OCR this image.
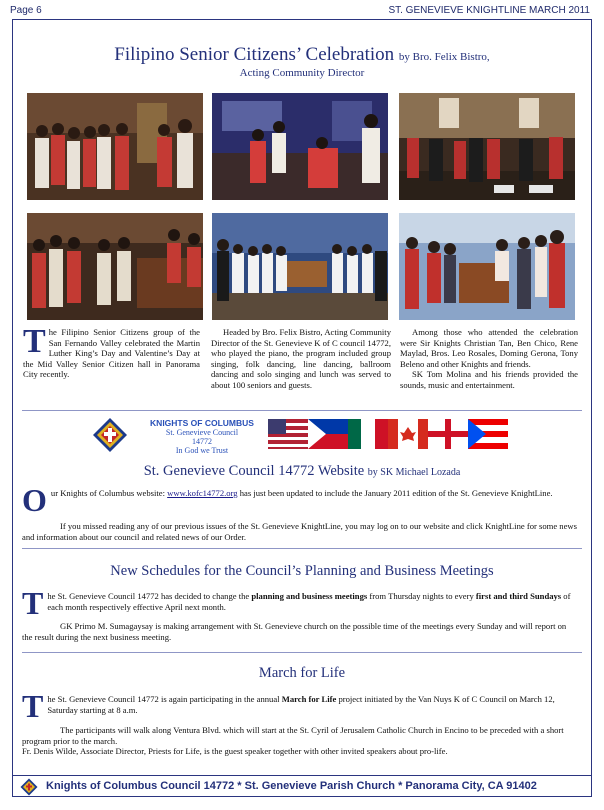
Page 6	ST. GENEVIEVE KNIGHTLINE MARCH 2011
Filipino Senior Citizens’ Celebration by Bro. Felix Bistro,
Acting Community Director
The Filipino Senior Citizens group of the San Fernando Valley celebrated the Martin Luther King’s Day and Valentine’s Day at the Mid Valley Senior Citizen hall in Panorama City recently.
Headed by Bro. Felix Bistro, Acting Community Director of the St. Genevieve K of C council 14772, who played the piano, the program included group singing, folk dancing, line dancing, ballroom dancing and solo singing and lunch was served to about 100 seniors and guests.
Among those who attended the celebration were Sir Knights Christian Tan, Ben Chico, Rene Maylad, Bros. Leo Rosales, Doming Gerona, Tony Beleno and other Knights and friends.
SK Tom Molina and his friends provided the sounds, music and entertainment.
KNIGHTS OF COLUMBUS
St. Genevieve Council
14772
In God we Trust
St. Genevieve Council 14772 Website by SK Michael Lozada
Our Knights of Columbus website: www.kofc14772.org has just been updated to include the January 2011 edition of the St. Genevieve KnightLine.
If you missed reading any of our previous issues of the St. Genevieve KnightLine, you may log on to our website and click KnightLine for some news and information about our council and related news of our Order.
New Schedules for the Council’s Planning and Business Meetings
The St. Genevieve Council 14772 has decided to change the planning and business meetings from Thursday nights to every first and third Sundays of each month respectively effective April next month.
GK Primo M. Sumagaysay is making arrangement with St. Genevieve church on the possible time of the meetings every Sunday and will report on the result during the next business meeting.
March for Life
The St. Genevieve Council 14772 is again participating in the annual March for Life project initiated by the Van Nuys K of C Council on March 12, Saturday starting at 8 a.m.
The participants will walk along Ventura Blvd. which will start at the St. Cyril of Jerusalem Catholic Church in Encino to be preceded with a short program prior to the march.
Fr. Denis Wilde, Associate Director, Priests for Life, is the guest speaker together with other invited speakers about pro-life.
Knights of Columbus Council 14772 * St. Genevieve Parish Church * Panorama City, CA 91402
